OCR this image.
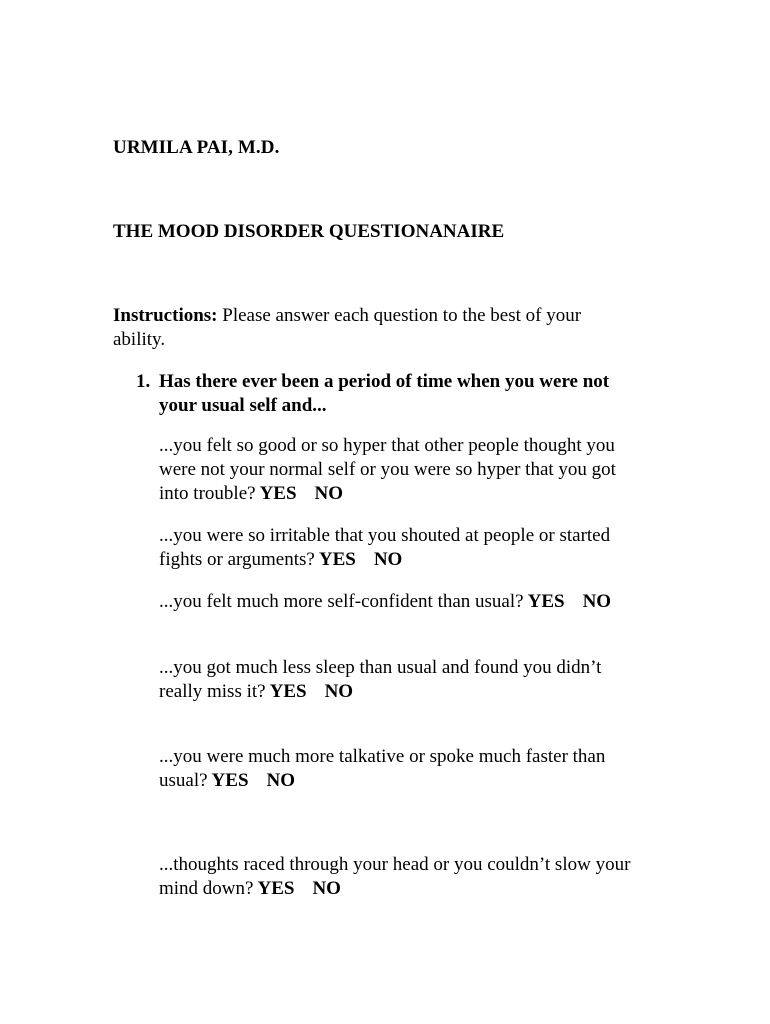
URMILA PAI, M.D.
THE MOOD DISORDER QUESTIONANAIRE
Instructions: Please answer each question to the best of your ability.
1. Has there ever been a period of time when you were not your usual self and...
...you felt so good or so hyper that other people thought you were not your normal self or you were so hyper that you got into trouble? YES NO
...you were so irritable that you shouted at people or started fights or arguments? YES NO
...you felt much more self-confident than usual? YES NO
...you got much less sleep than usual and found you didn’t really miss it? YES NO
...you were much more talkative or spoke much faster than usual? YES NO
...thoughts raced through your head or you couldn’t slow your mind down? YES NO
